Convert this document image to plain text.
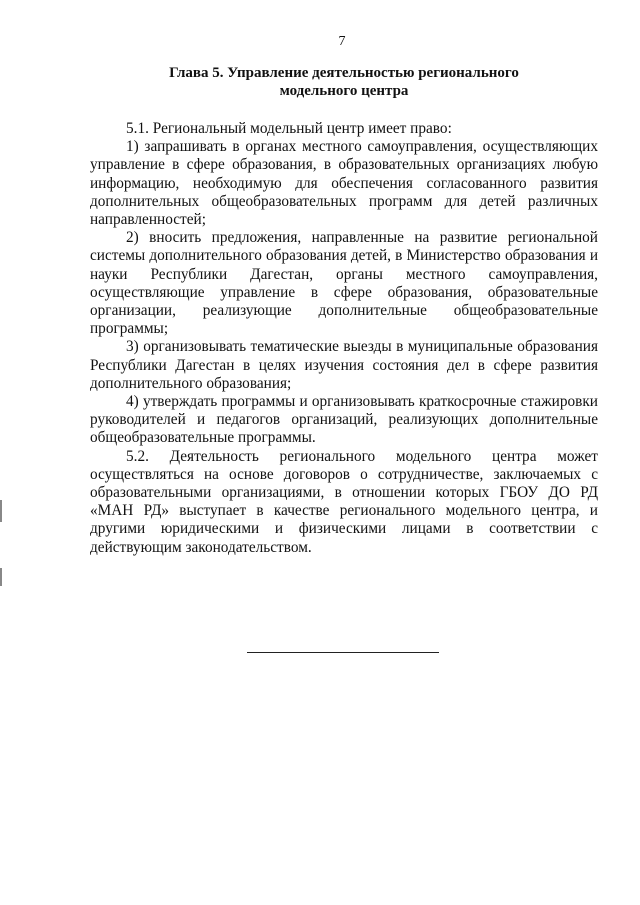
7
Глава 5. Управление деятельностью регионального
модельного центра

5.1. Региональный модельный центр имеет право:

1) запрашивать в органах местного самоуправления, осуществляющих управление в сфере образования, в образовательных организациях любую информацию, необходимую для обеспечения согласованного развития дополнительных общеобразовательных программ для детей различных направленностей;

2) вносить предложения, направленные на развитие региональной системы дополнительного образования детей, в Министерство образования и науки Республики Дагестан, органы местного самоуправления, осуществляющие управление в сфере образования, образовательные организации, реализующие дополнительные общеобразовательные программы;

3) организовывать тематические выезды в муниципальные образования Республики Дагестан в целях изучения состояния дел в сфере развития дополнительного образования;

4) утверждать программы и организовывать краткосрочные стажировки руководителей и педагогов организаций, реализующих дополнительные общеобразовательные программы.

5.2. Деятельность регионального модельного центра может осуществляться на основе договоров о сотрудничестве, заключаемых с образовательными организациями, в отношении которых ГБОУ ДО РД «МАН РД» выступает в качестве регионального модельного центра, и другими юридическими и физическими лицами в соответствии с действующим законодательством.
